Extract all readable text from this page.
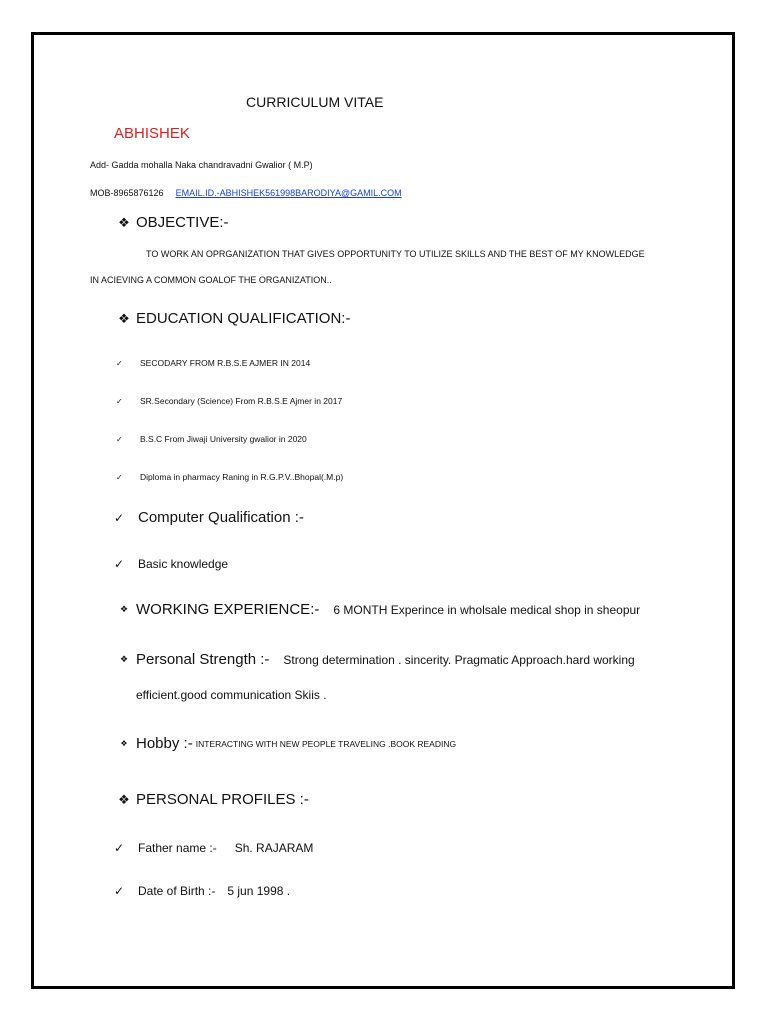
CURRICULUM VITAE
ABHISHEK
Add- Gadda mohalla Naka chandravadni Gwalior ( M.P)
MOB-8965876126 EMAIL.ID.-ABHISHEK561998BARODIYA@GAMIL.COM
❖ OBJECTIVE:-
TO WORK AN OPRGANIZATION THAT GIVES OPPORTUNITY TO UTILIZE SKILLS AND THE BEST OF MY KNOWLEDGE
IN ACIEVING A COMMON GOALOF THE ORGANIZATION..
❖ EDUCATION QUALIFICATION:-
✓	SECODARY FROM R.B.S.E AJMER IN 2014
✓	SR.Secondary (Science) From R.B.S.E Ajmer in 2017
✓	B.S.C From Jiwaji University gwalior in 2020
✓	Diploma in pharmacy Raning in R.G.P.V..Bhopal(.M.p)
✓ Computer Qualification :-
✓	Basic knowledge
❖ WORKING EXPERIENCE:- 6 MONTH Experince in wholsale medical shop in sheopur
❖ Personal Strength :- Strong determination . sincerity. Pragmatic Approach.hard working
efficient.good communication Skiis .
❖ Hobby :- INTERACTING WITH NEW PEOPLE TRAVELING .BOOK READING
❖ PERSONAL PROFILES :-
✓	Father name :- Sh. RAJARAM
✓	Date of Birth :- 5 jun 1998 .
